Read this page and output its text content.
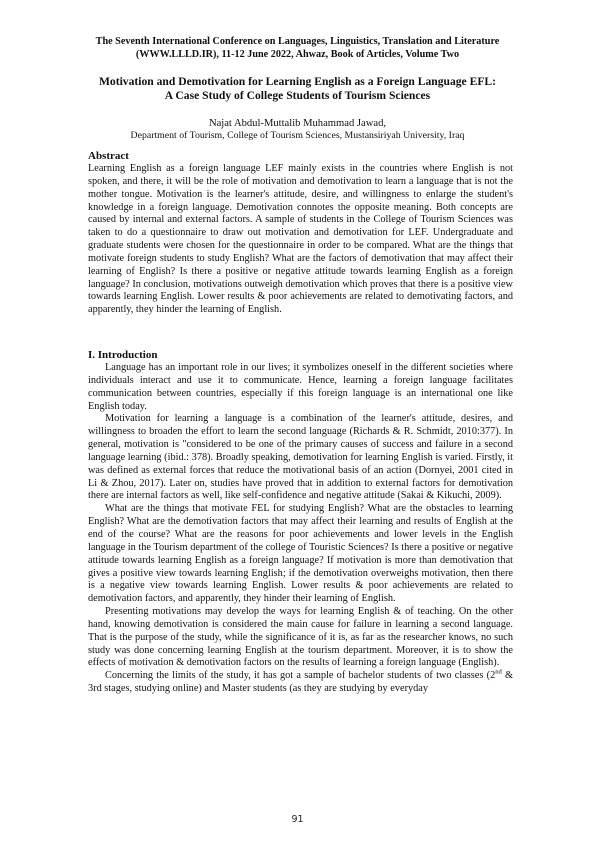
The Seventh International Conference on Languages, Linguistics, Translation and Literature
(WWW.LLLD.IR), 11-12 June 2022, Ahwaz, Book of Articles, Volume Two
Motivation and Demotivation for Learning English as a Foreign Language EFL:
A Case Study of College Students of Tourism Sciences
Najat Abdul-Muttalib Muhammad Jawad,
Department of Tourism, College of Tourism Sciences, Mustansiriyah University, Iraq
Abstract

Learning English as a foreign language LEF mainly exists in the countries where English is not spoken, and there, it will be the role of motivation and demotivation to learn a language that is not the mother tongue. Motivation is the learner's attitude, desire, and willingness to enlarge the student's knowledge in a foreign language. Demotivation connotes the opposite meaning. Both concepts are caused by internal and external factors. A sample of students in the College of Tourism Sciences was taken to do a questionnaire to draw out motivation and demotivation for LEF. Undergraduate and graduate students were chosen for the questionnaire in order to be compared. What are the things that motivate foreign students to study English? What are the factors of demotivation that may affect their learning of English? Is there a positive or negative attitude towards learning English as a foreign language? In conclusion, motivations outweigh demotivation which proves that there is a positive view towards learning English. Lower results & poor achievements are related to demotivating factors, and apparently, they hinder the learning of English.

I. Introduction

Language has an important role in our lives; it symbolizes oneself in the different societies where individuals interact and use it to communicate. Hence, learning a foreign language facilitates communication between countries, especially if this foreign language is an international one like English today.

Motivation for learning a language is a combination of the learner's attitude, desires, and willingness to broaden the effort to learn the second language (Richards & R. Schmidt, 2010:377). In general, motivation is "considered to be one of the primary causes of success and failure in a second language learning (ibid.: 378). Broadly speaking, demotivation for learning English is varied. Firstly, it was defined as external forces that reduce the motivational basis of an action (Dornyei, 2001 cited in Li & Zhou, 2017). Later on, studies have proved that in addition to external factors for demotivation there are internal factors as well, like self-confidence and negative attitude (Sakai & Kikuchi, 2009).

What are the things that motivate FEL for studying English? What are the obstacles to learning English? What are the demotivation factors that may affect their learning and results of English at the end of the course? What are the reasons for poor achievements and lower levels in the English language in the Tourism department of the college of Touristic Sciences? Is there a positive or negative attitude towards learning English as a foreign language? If motivation is more than demotivation that gives a positive view towards learning English; if the demotivation overweighs motivation, then there is a negative view towards learning English. Lower results & poor achievements are related to demotivation factors, and apparently, they hinder their learning of English.

Presenting motivations may develop the ways for learning English & of teaching. On the other hand, knowing demotivation is considered the main cause for failure in learning a second language. That is the purpose of the study, while the significance of it is, as far as the researcher knows, no such study was done concerning learning English at the tourism department. Moreover, it is to show the effects of motivation & demotivation factors on the results of learning a foreign language (English).

Concerning the limits of the study, it has got a sample of bachelor students of two classes (2nd & 3rd stages, studying online) and Master students (as they are studying by everyday

91
